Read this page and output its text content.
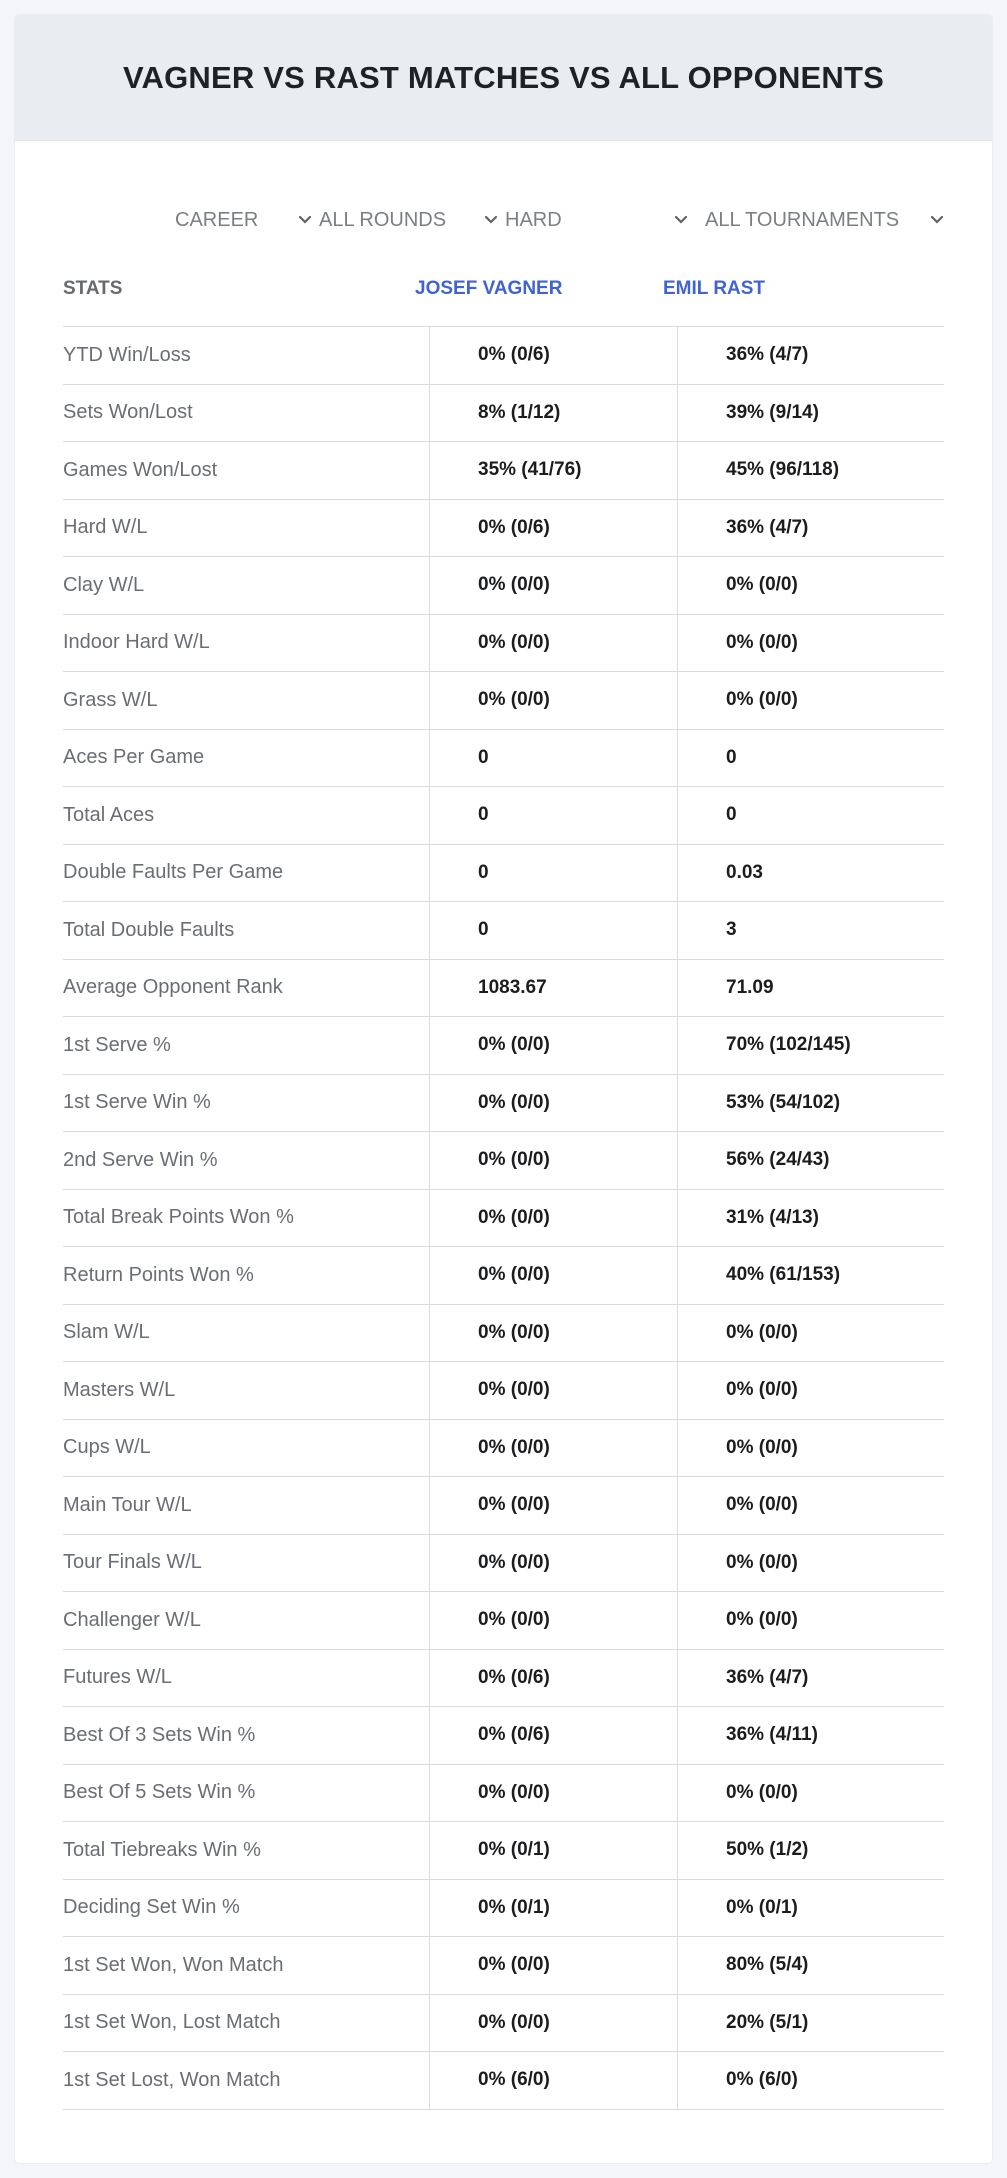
VAGNER VS RAST MATCHES VS ALL OPPONENTS
CAREER	ALL ROUNDS	HARD	ALL TOURNAMENTS
STATS	JOSEF VAGNER	EMIL RAST
YTD Win/Loss	0% (0/6)	36% (4/7)
Sets Won/Lost	8% (1/12)	39% (9/14)
Games Won/Lost	35% (41/76)	45% (96/118)
Hard W/L	0% (0/6)	36% (4/7)
Clay W/L	0% (0/0)	0% (0/0)
Indoor Hard W/L	0% (0/0)	0% (0/0)
Grass W/L	0% (0/0)	0% (0/0)
Aces Per Game	0	0
Total Aces	0	0
Double Faults Per Game	0	0.03
Total Double Faults	0	3
Average Opponent Rank	1083.67	71.09
1st Serve %	0% (0/0)	70% (102/145)
1st Serve Win %	0% (0/0)	53% (54/102)
2nd Serve Win %	0% (0/0)	56% (24/43)
Total Break Points Won %	0% (0/0)	31% (4/13)
Return Points Won %	0% (0/0)	40% (61/153)
Slam W/L	0% (0/0)	0% (0/0)
Masters W/L	0% (0/0)	0% (0/0)
Cups W/L	0% (0/0)	0% (0/0)
Main Tour W/L	0% (0/0)	0% (0/0)
Tour Finals W/L	0% (0/0)	0% (0/0)
Challenger W/L	0% (0/0)	0% (0/0)
Futures W/L	0% (0/6)	36% (4/7)
Best Of 3 Sets Win %	0% (0/6)	36% (4/11)
Best Of 5 Sets Win %	0% (0/0)	0% (0/0)
Total Tiebreaks Win %	0% (0/1)	50% (1/2)
Deciding Set Win %	0% (0/1)	0% (0/1)
1st Set Won, Won Match	0% (0/0)	80% (5/4)
1st Set Won, Lost Match	0% (0/0)	20% (5/1)
1st Set Lost, Won Match	0% (6/0)	0% (6/0)
